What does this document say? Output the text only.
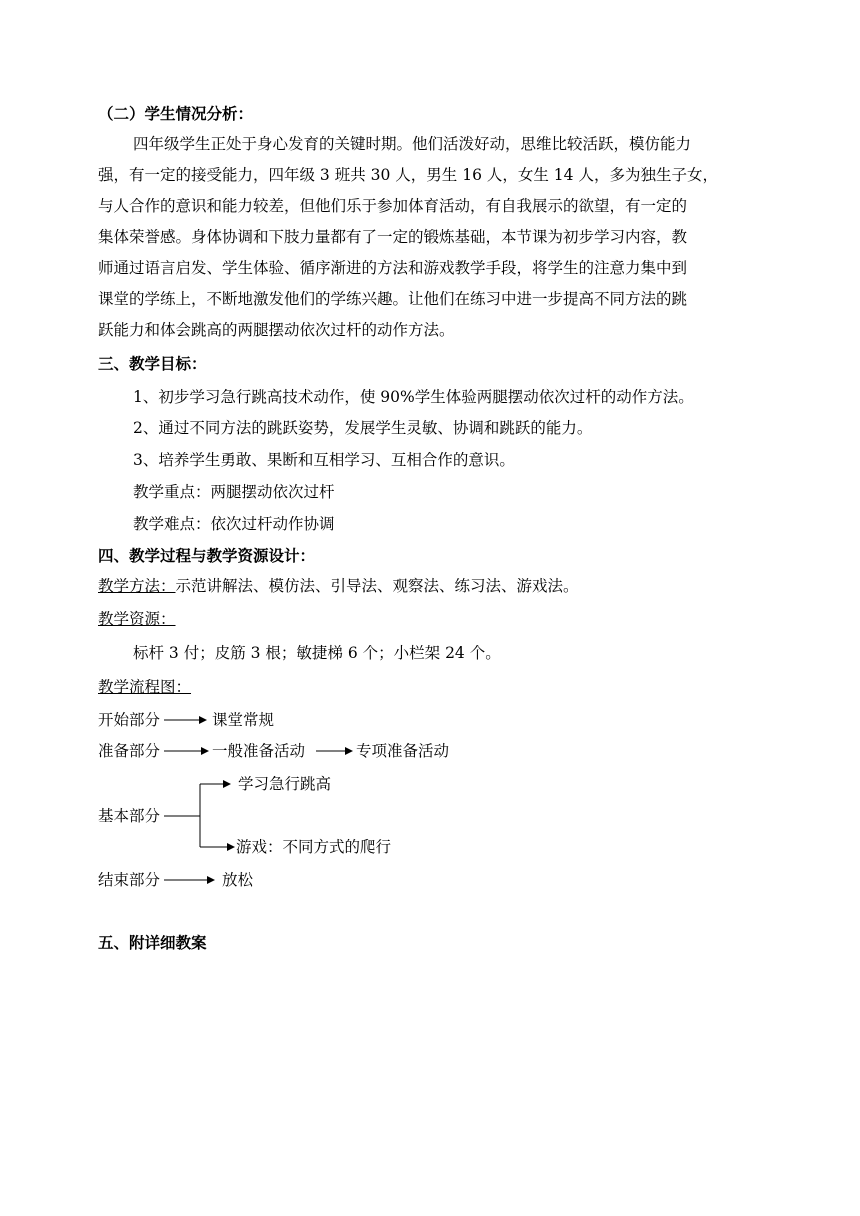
（二）学生情况分析：
四年级学生正处于身心发育的关键时期。他们活泼好动，思维比较活跃，模仿能力
强，有一定的接受能力，四年级 3 班共 30 人，男生 16 人，女生 14 人，多为独生子女，
与人合作的意识和能力较差，但他们乐于参加体育活动，有自我展示的欲望，有一定的
集体荣誉感。身体协调和下肢力量都有了一定的锻炼基础，本节课为初步学习内容，教
师通过语言启发、学生体验、循序渐进的方法和游戏教学手段，将学生的注意力集中到
课堂的学练上，不断地激发他们的学练兴趣。让他们在练习中进一步提高不同方法的跳
跃能力和体会跳高的两腿摆动依次过杆的动作方法。
三、教学目标：
1、初步学习急行跳高技术动作，使 90%学生体验两腿摆动依次过杆的动作方法。
2、通过不同方法的跳跃姿势，发展学生灵敏、协调和跳跃的能力。
3、培养学生勇敢、果断和互相学习、互相合作的意识。
教学重点：两腿摆动依次过杆
教学难点：依次过杆动作协调
四、教学过程与教学资源设计：
教学方法：示范讲解法、模仿法、引导法、观察法、练习法、游戏法。
教学资源：
标杆 3 付；皮筋 3 根；敏捷梯 6 个；小栏架 24 个。
教学流程图：
开始部分	课堂常规
准备部分	一般准备活动	专项准备活动
学习急行跳高
基本部分
游戏：不同方式的爬行
结束部分	放松
五、附详细教案
